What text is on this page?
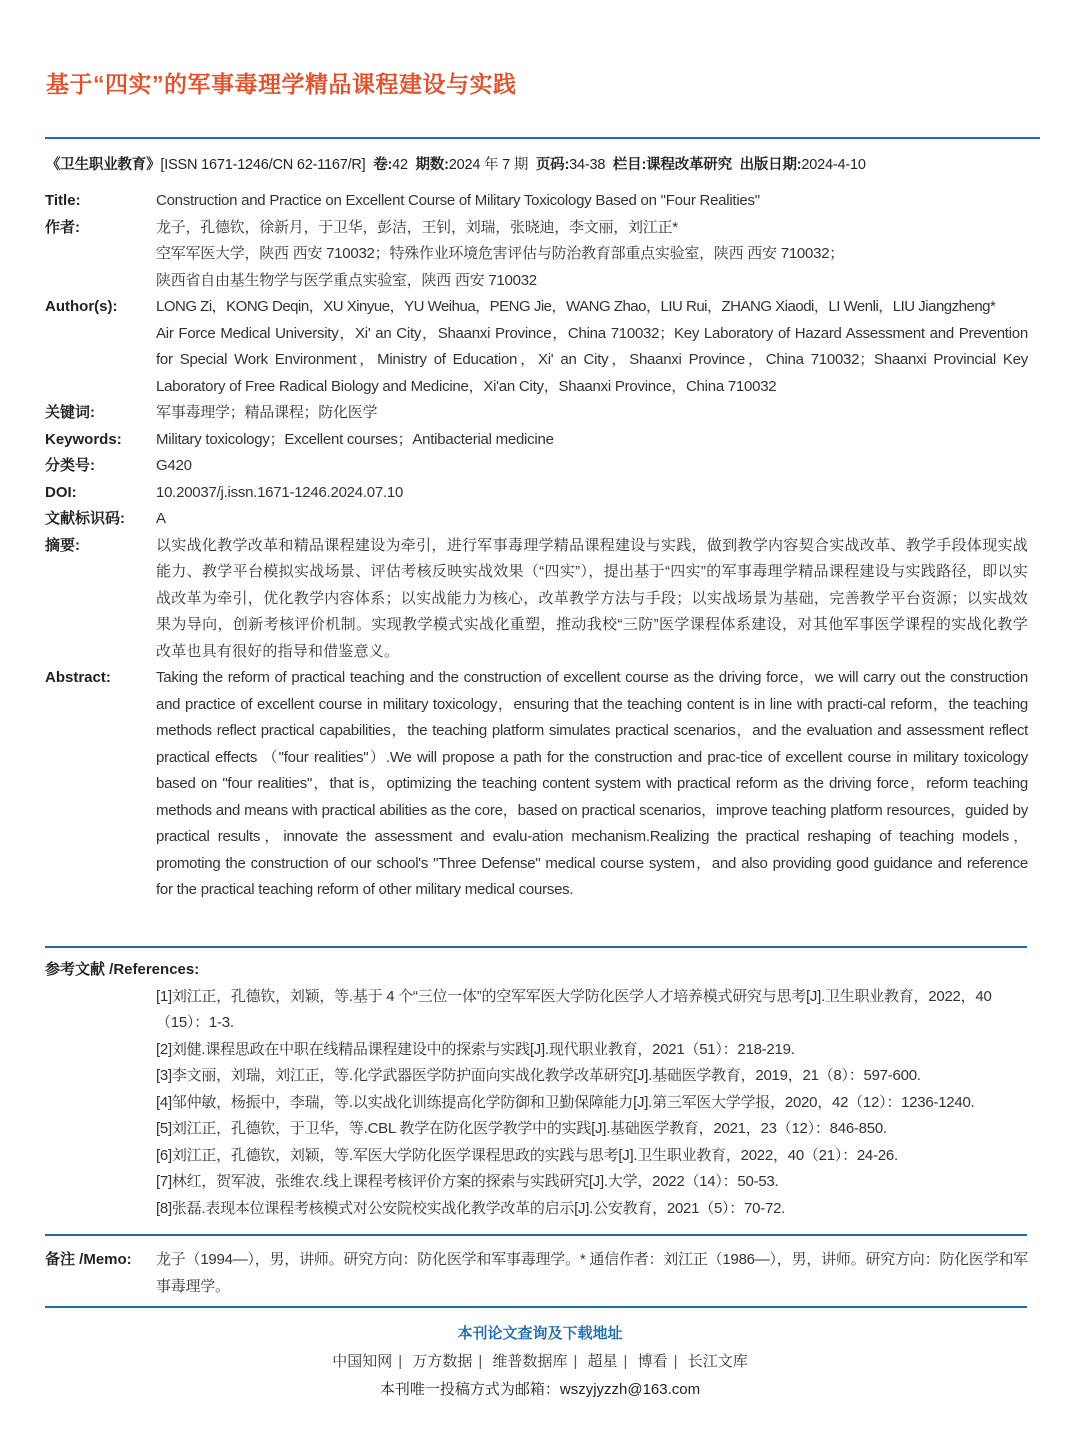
基于“四实”的军事毒理学精品课程建设与实践
《卫生职业教育》[ISSN 1671-1246/CN 62-1167/R] 卷:42 期数:2024 年 7 期 页码:34-38 栏目:课程改革研究 出版日期:2024-4-10
Title:	Construction and Practice on Excellent Course of Military Toxicology Based on "Four Realities"
作者:	龙子，孔德钦，徐新月，于卫华，彭洁，王钊，刘瑞，张晓迪，李文丽，刘江正*
空军军医大学，陕西 西安 710032；特殊作业环境危害评估与防治教育部重点实验室，陕西 西安 710032；
陕西省自由基生物学与医学重点实验室，陕西 西安 710032
Author(s):	LONG Zi，KONG Deqin，XU Xinyue，YU Weihua，PENG Jie，WANG Zhao，LIU Rui，ZHANG Xiaodi，LI Wenli，LIU Jiangzheng*
Air Force Medical University，Xi' an City，Shaanxi Province，China 710032；Key Laboratory of Hazard Assessment and Prevention for Special Work Environment，Ministry of Education，Xi' an City，Shaanxi Province，China 710032；Shaanxi Provincial Key Laboratory of Free Radical Biology and Medicine，Xi'an City，Shaanxi Province，China 710032
关键词:	军事毒理学；精品课程；防化医学
Keywords:	Military toxicology；Excellent courses；Antibacterial medicine
分类号:	G420
DOI:	10.20037/j.issn.1671-1246.2024.07.10
文献标识码:	A
摘要:	以实战化教学改革和精品课程建设为牵引，进行军事毒理学精品课程建设与实践，做到教学内容契合实战改革、教学手段体现实战能力、教学平台模拟实战场景、评估考核反映实战效果（“四实”），提出基于“四实”的军事毒理学精品课程建设与实践路径，即以实战改革为牵引，优化教学内容体系；以实战能力为核心，改革教学方法与手段；以实战场景为基础，完善教学平台资源；以实战效果为导向，创新考核评价机制。实现教学模式实战化重塑，推动我校“三防”医学课程体系建设，对其他军事医学课程的实战化教学改革也具有很好的指导和借鉴意义。
Abstract:	Taking the reform of practical teaching and the construction of excellent course as the driving force，we will carry out the construction and practice of excellent course in military toxicology，ensuring that the teaching content is in line with practi-cal reform，the teaching methods reflect practical capabilities，the teaching platform simulates practical scenarios，and the evaluation and assessment reflect practical effects （"four realities"）.We will propose a path for the construction and prac-tice of excellent course in military toxicology based on "four realities"，that is，optimizing the teaching content system with practical reform as the driving force，reform teaching methods and means with practical abilities as the core，based on practical scenarios，improve teaching platform resources，guided by practical results，innovate the assessment and evalu-ation mechanism.Realizing the practical reshaping of teaching models，promoting the construction of our school's "Three Defense" medical course system，and also providing good guidance and reference for the practical teaching reform of other military medical courses.
参考文献 /References:
[1]刘江正，孔德钦，刘颖，等.基于 4 个“三位一体”的空军军医大学防化医学人才培养模式研究与思考[J].卫生职业教育，2022，40（15）：1-3.
[2]刘健.课程思政在中职在线精品课程建设中的探索与实践[J].现代职业教育，2021（51）：218-219.
[3]李文丽，刘瑞，刘江正，等.化学武器医学防护面向实战化教学改革研究[J].基础医学教育，2019，21（8）：597-600.
[4]邹仲敏，杨振中，李瑞，等.以实战化训练提高化学防御和卫勤保障能力[J].第三军医大学学报，2020，42（12）：1236-1240.
[5]刘江正，孔德钦，于卫华，等.CBL 教学在防化医学教学中的实践[J].基础医学教育，2021，23（12）：846-850.
[6]刘江正，孔德钦，刘颖，等.军医大学防化医学课程思政的实践与思考[J].卫生职业教育，2022，40（21）：24-26.
[7]林红，贺军波，张维农.线上课程考核评价方案的探索与实践研究[J].大学，2022（14）：50-53.
[8]张磊.表现本位课程考核模式对公安院校实战化教学改革的启示[J].公安教育，2021（5）：70-72.
备注 /Memo:	龙子（1994—），男，讲师。研究方向：防化医学和军事毒理学。* 通信作者：刘江正（1986—），男，讲师。研究方向：防化医学和军事毒理学。
本刊论文查询及下载地址
中国知网 | 万方数据 | 维普数据库 | 超星 | 博看 | 长江文库
本刊唯一投稿方式为邮箱：wszyjyzzh@163.com
